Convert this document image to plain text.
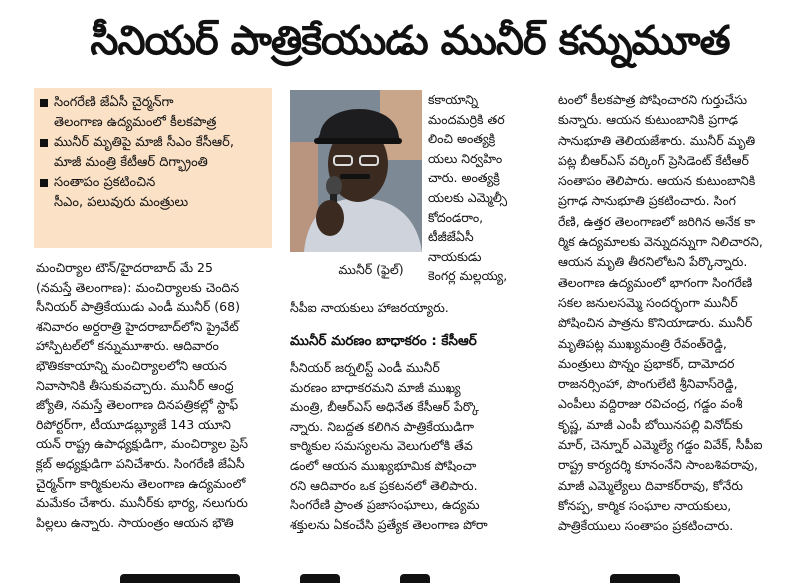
సీనియర్ పాత్రికేయుడు మునీర్ కన్నుమూత
సింగరేణి జేఏసీ చైర్మన్‌గా
తెలంగాణ ఉద్యమంలో కీలకపాత్ర
మునీర్ మృతిపై మాజీ సీఎం కేసీఆర్,
మాజీ మంత్రి కేటీఆర్ దిగ్భ్రాంతి
సంతాపం ప్రకటించిన
సీఎం, పలువురు మంత్రులు
మునీర్ (ఫైల్)

మంచిర్యాల టౌన్/హైదరాబాద్ మే 25

(నమస్తే తెలంగాణ): మంచిర్యాలకు చెందిన

సీనియర్ పాత్రికేయుడు ఎండీ మునీర్ (68)

శనివారం అర్ధరాత్రి హైదరాబాద్‌లోని ప్రైవేట్

హాస్పిటల్‌లో కన్నుమూశారు. ఆదివారం

భౌతికకాయాన్ని మంచిర్యాలలోని ఆయన

నివాసానికి తీసుకువచ్చారు. మునీర్ ఆంధ్ర

జ్యోతి, నమస్తే తెలంగాణ దినపత్రికల్లో స్టాఫ్

రిపోర్టర్‌గా, టీయూడబ్ల్యూజే 143 యూని

యన్ రాష్ట్ర ఉపాధ్యక్షుడిగా, మంచిర్యాల ప్రెస్

క్లబ్ అధ్యక్షుడిగా పనిచేశారు. సింగరేణి జేఏసీ

చైర్మన్‌గా కార్మికులను తెలంగాణ ఉద్యమంలో

మమేకం చేశారు. మునీర్‌కు భార్య, నలుగురు

పిల్లలు ఉన్నారు. సాయంత్రం ఆయన భౌతి

కకాయాన్ని

మందమర్రికి తర

లించి అంత్యక్రి

యలు నిర్వహిం

చారు. అంత్యక్రి

యలకు ఎమ్మెల్సీ

కోదండరాం,

టీజీజేఏసీ

నాయకుడు

కెంగర్ల మల్లయ్య,

సీపీఐ నాయకులు హాజరయ్యారు.

మునీర్ మరణం బాధాకరం : కేసీఆర్

సీనియర్ జర్నలిస్ట్ ఎండీ మునీర్

మరణం బాధాకరమని మాజీ ముఖ్య

మంత్రి, బీఆర్‌ఎస్ అధినేత కేసీఆర్ పేర్కొ

న్నారు. నిబద్ధత కలిగిన పాత్రికేయుడిగా

కార్మికుల సమస్యలను వెలుగులోకి తేవ

డంలో ఆయన ముఖ్యభూమిక పోషించా

రని ఆదివారం ఒక ప్రకటనలో తెలిపారు.

సింగరేణి ప్రాంత ప్రజాసంఘాలు, ఉద్యమ

శక్తులను ఏకంచేసి ప్రత్యేక తెలంగాణ పోరా

టంలో కీలకపాత్ర పోషించారని గుర్తుచేసు

కున్నారు. ఆయన కుటుంబానికి ప్రగాఢ

సానుభూతి తెలియజేశారు. మునీర్ మృతి

పట్ల బీఆర్‌ఎస్ వర్కింగ్ ప్రెసిడెంట్ కేటీఆర్

సంతాపం తెలిపారు. ఆయన కుటుంబానికి

ప్రగాఢ సానుభూతి ప్రకటించారు. సింగ

రేణి, ఉత్తర తెలంగాణలో జరిగిన అనేక కా

ర్మిక ఉద్యమాలకు వెన్నుదన్నుగా నిలిచారని,

ఆయన మృతి తీరనిలోటని పేర్కొన్నారు.

తెలంగాణ ఉద్యమంలో భాగంగా సింగరేణి

సకల జనులసమ్మె సందర్భంగా మునీర్

పోషించిన పాత్రను కొనియాడారు. మునీర్

మృతిపట్ల ముఖ్యమంత్రి రేవంత్‌రెడ్డి,

మంత్రులు పొన్నం ప్రభాకర్, దామోదర

రాజనర్సింహా, పొంగులేటి శ్రీనివాస్‌రెడ్డి,

ఎంపీలు వద్దిరాజు రవిచంద్ర, గడ్డం వంశీ

కృష్ణ, మాజీ ఎంపీ బోయినపల్లి వినోద్‌కు

మార్, చెన్నూర్ ఎమ్మెల్యే గడ్డం వివేక్, సీపీఐ

రాష్ట్ర కార్యదర్శి కూనంనేని సాంబశివరావు,

మాజీ ఎమ్మెల్యేలు దివాకర్‌రావు, కోనేరు

కోనప్ప, కార్మిక సంఘాల నాయకులు,

పాత్రికేయులు సంతాపం ప్రకటించారు.
